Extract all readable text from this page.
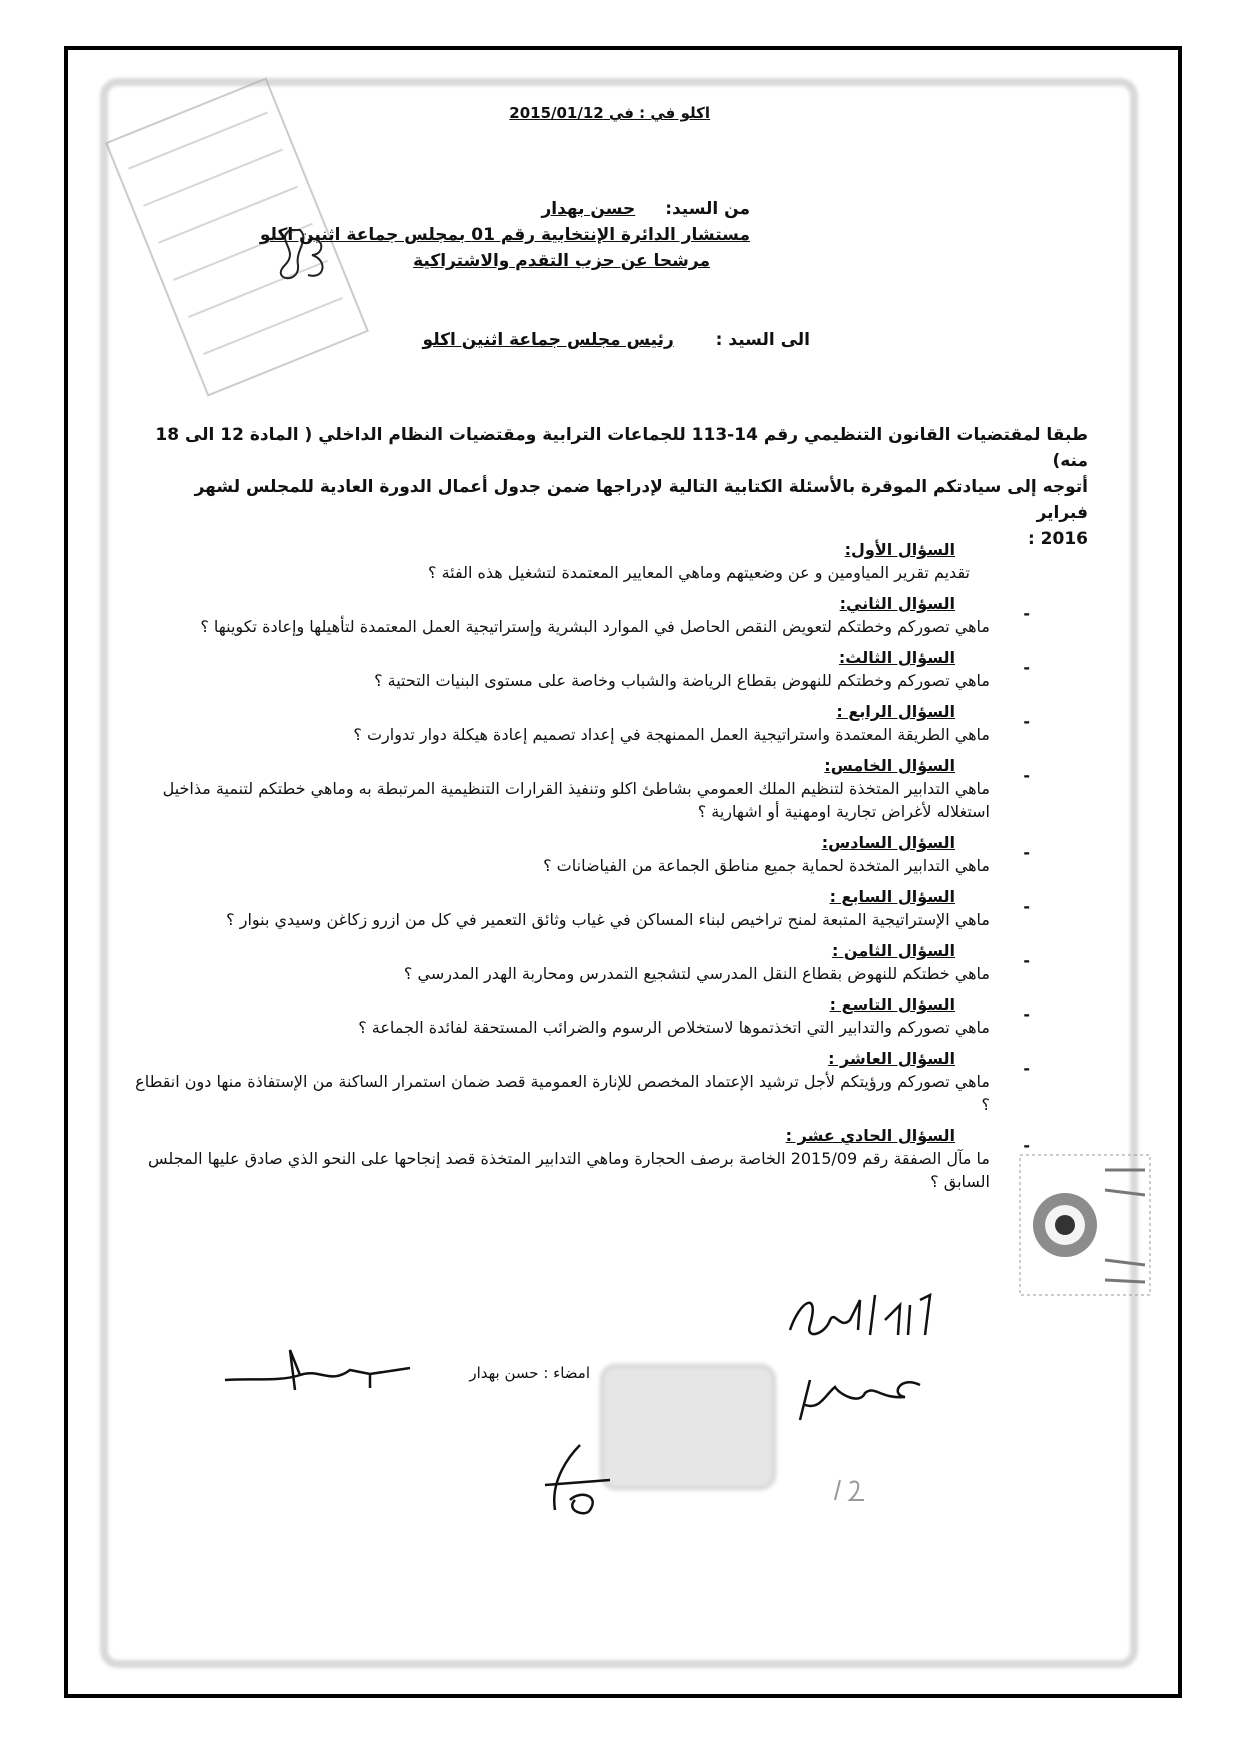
اكلو في : في 2015/01/12
من السيد: حسن بهدار
مستشار الدائرة الإنتخابية رقم 01 بمجلس جماعة اثنين اكلو
مرشحا عن حزب التقدم والاشتراكية
الى السيد : رئيس مجلس جماعة اثنين اكلو
طبقا لمقتضيات القانون التنظيمي رقم 14-113 للجماعات الترابية ومقتضيات النظام الداخلي ( المادة 12 الى 18 منه)
أتوجه إلى سيادتكم الموقرة بالأسئلة الكتابية التالية لإدراجها ضمن جدول أعمال الدورة العادية للمجلس لشهر فبراير
2016 :
السؤال الأول:
تقديم تقرير المياومين و عن وضعيتهم وماهي المعايير المعتمدة لتشغيل هذه الفئة ؟
-
السؤال الثاني:
ماهي تصوركم وخطتكم لتعويض النقص الحاصل في الموارد البشرية وإستراتيجية العمل المعتمدة لتأهيلها وإعادة تكوينها ؟
-
السؤال الثالث:
ماهي تصوركم وخطتكم للنهوض بقطاع الرياضة والشباب وخاصة على مستوى البنيات التحتية ؟
-
السؤال الرابع :
ماهي الطريقة المعتمدة واستراتيجية العمل الممنهجة في إعداد تصميم إعادة هيكلة دوار تدوارت ؟
-
السؤال الخامس:
ماهي التدابير المتخذة لتنظيم الملك العمومي بشاطئ اكلو وتنفيذ القرارات التنظيمية المرتبطة به وماهي خطتكم لتنمية مذاخيل استغلاله لأغراض تجارية اومهنية أو اشهارية ؟
-
السؤال السادس:
ماهي التدابير المتخدة لحماية جميع مناطق الجماعة من الفياضانات ؟
-
السؤال السابع :
ماهي الإستراتيجية المتبعة لمنح تراخيص لبناء المساكن في غياب وثائق التعمير في كل من ازرو زكاغن وسيدي بنوار ؟
-
السؤال الثامن :
ماهي خطتكم للنهوض بقطاع النقل المدرسي لتشجيع التمدرس ومحاربة الهدر المدرسي ؟
-
السؤال التاسع :
ماهي تصوركم والتدابير التي اتخذتموها لاستخلاص الرسوم والضرائب المستحقة لفائدة الجماعة ؟
-
السؤال العاشر :
ماهي تصوركم ورؤيتكم لأجل ترشيد الإعتماد المخصص للإنارة العمومية قصد ضمان استمرار الساكنة من الإستفاذة منها دون انقطاع ؟
-
السؤال الحادي عشر :
ما مآل الصفقة رقم 2015/09 الخاصة برصف الحجارة وماهي التدابير المتخذة قصد إنجاحها على النحو الذي صادق عليها المجلس السابق ؟
امضاء : حسن بهدار
